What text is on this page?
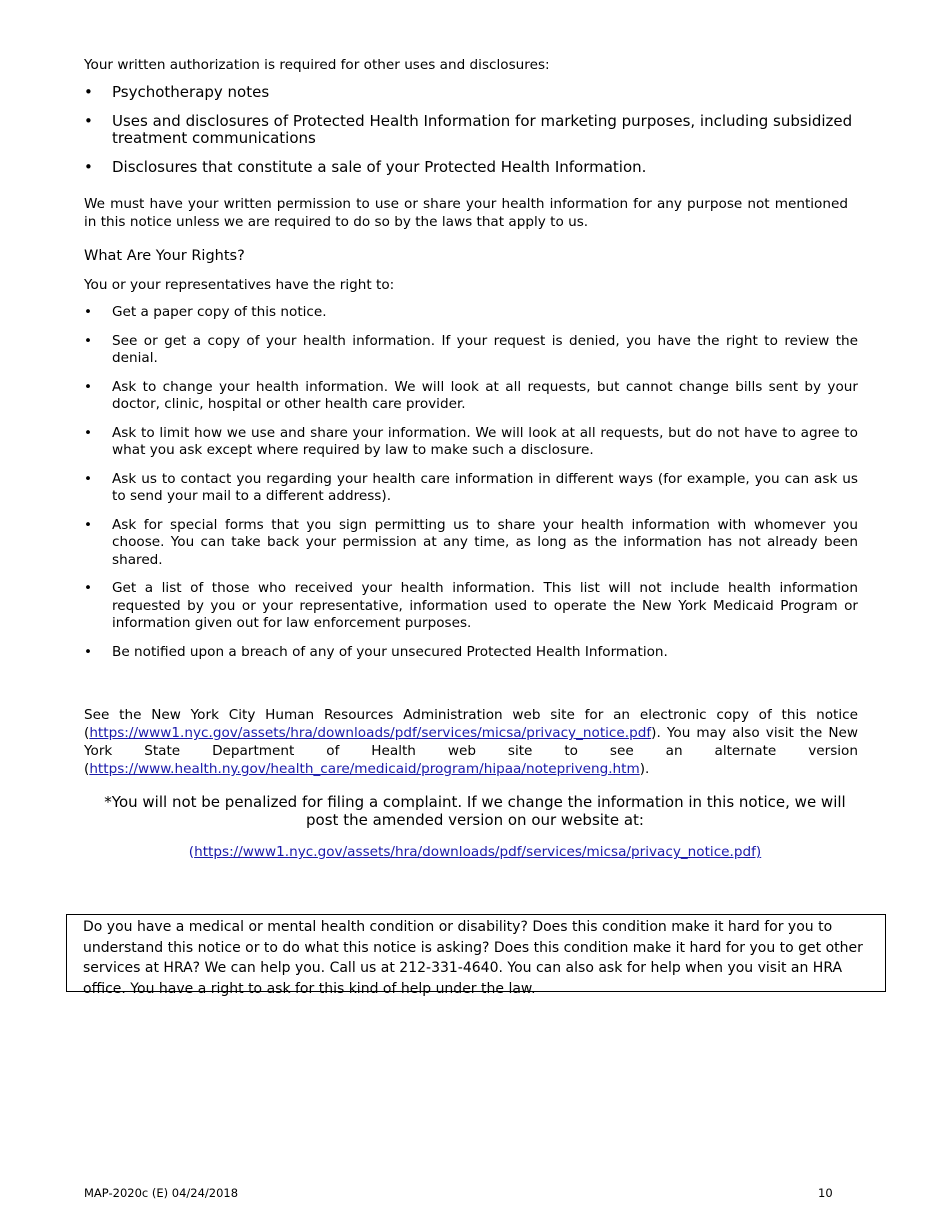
Your written authorization is required for other uses and disclosures:

• Psychotherapy notes
• Uses and disclosures of Protected Health Information for marketing purposes, including subsidized treatment communications
• Disclosures that constitute a sale of your Protected Health Information.

We must have your written permission to use or share your health information for any purpose not mentioned in this notice unless we are required to do so by the laws that apply to us.

What Are Your Rights?

You or your representatives have the right to:

• Get a paper copy of this notice.
• See or get a copy of your health information. If your request is denied, you have the right to review the denial.
• Ask to change your health information. We will look at all requests, but cannot change bills sent by your doctor, clinic, hospital or other health care provider.
• Ask to limit how we use and share your information. We will look at all requests, but do not have to agree to what you ask except where required by law to make such a disclosure.
• Ask us to contact you regarding your health care information in different ways (for example, you can ask us to send your mail to a different address).
• Ask for special forms that you sign permitting us to share your health information with whomever you choose. You can take back your permission at any time, as long as the information has not already been shared.
• Get a list of those who received your health information. This list will not include health information requested by you or your representative, information used to operate the New York Medicaid Program or information given out for law enforcement purposes.
• Be notified upon a breach of any of your unsecured Protected Health Information.

See the New York City Human Resources Administration web site for an electronic copy of this notice (https://www1.nyc.gov/assets/hra/downloads/pdf/services/micsa/privacy_notice.pdf). You may also visit the New York State Department of Health web site to see an alternate version (https://www.health.ny.gov/health_care/medicaid/program/hipaa/notepriveng.htm).

*You will not be penalized for filing a complaint. If we change the information in this notice, we will post the amended version on our website at:

(https://www1.nyc.gov/assets/hra/downloads/pdf/services/micsa/privacy_notice.pdf)

Do you have a medical or mental health condition or disability? Does this condition make it hard for you to understand this notice or to do what this notice is asking? Does this condition make it hard for you to get other services at HRA? We can help you. Call us at 212-331-4640. You can also ask for help when you visit an HRA office. You have a right to ask for this kind of help under the law.

MAP-2020c (E) 04/24/2018	10
